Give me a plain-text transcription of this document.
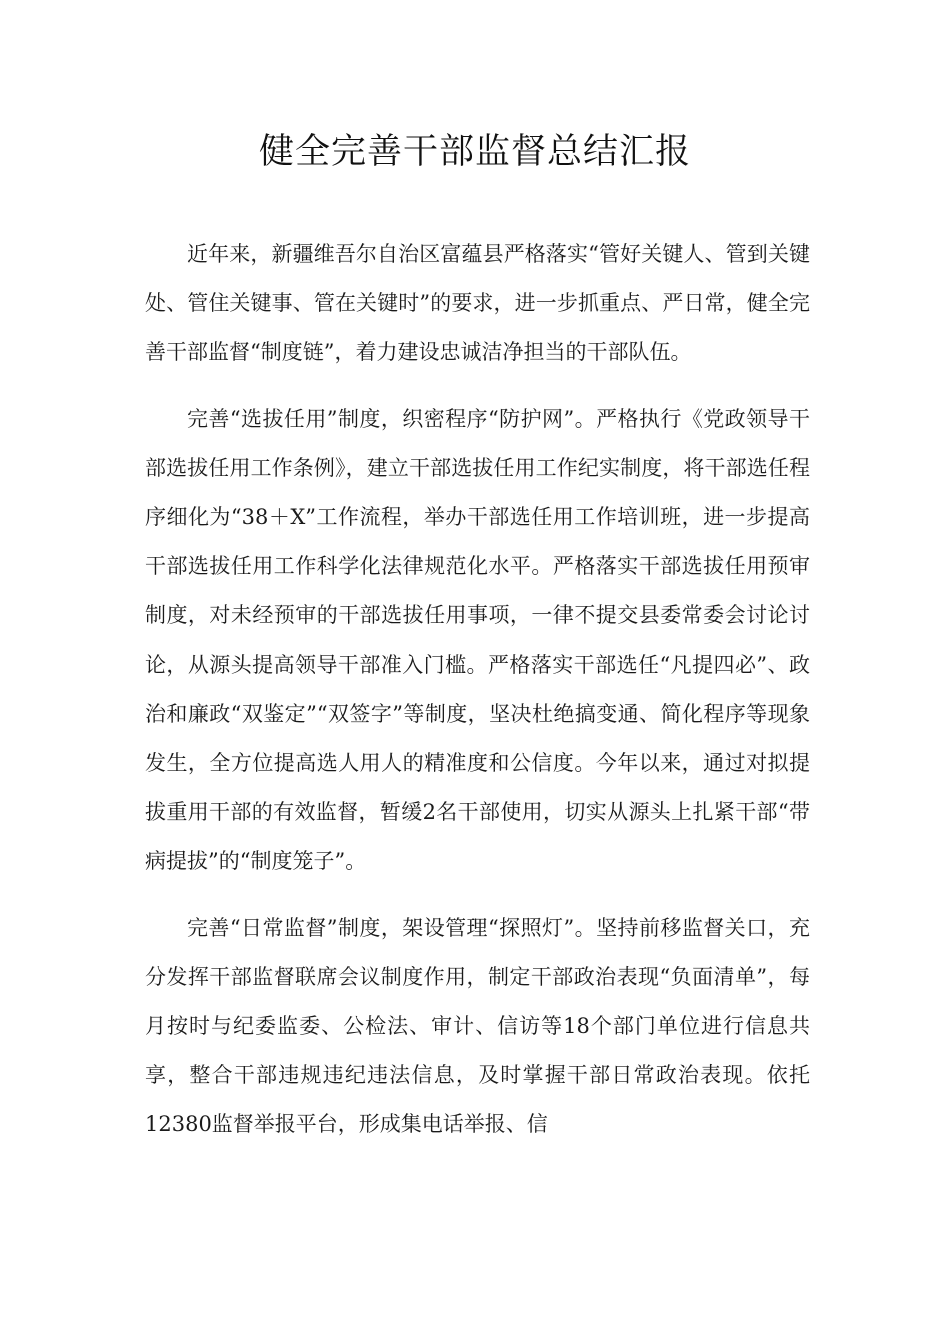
健全完善干部监督总结汇报

近年来，新疆维吾尔自治区富蕴县严格落实“管好关键人、管到关键处、管住关键事、管在关键时”的要求，进一步抓重点、严日常，健全完善干部监督“制度链”，着力建设忠诚洁净担当的干部队伍。

完善“选拔任用”制度，织密程序“防护网”。严格执行《党政领导干部选拔任用工作条例》，建立干部选拔任用工作纪实制度，将干部选任程序细化为“38＋X”工作流程，举办干部选任用工作培训班，进一步提高干部选拔任用工作科学化法律规范化水平。严格落实干部选拔任用预审制度，对未经预审的干部选拔任用事项，一律不提交县委常委会讨论讨论，从源头提高领导干部准入门槛。严格落实干部选任“凡提四必”、政治和廉政“双鉴定”“双签字”等制度，坚决杜绝搞变通、简化程序等现象发生，全方位提高选人用人的精准度和公信度。今年以来，通过对拟提拔重用干部的有效监督，暂缓2名干部使用，切实从源头上扎紧干部“带病提拔”的“制度笼子”。

完善“日常监督”制度，架设管理“探照灯”。坚持前移监督关口，充分发挥干部监督联席会议制度作用，制定干部政治表现“负面清单”，每月按时与纪委监委、公检法、审计、信访等18个部门单位进行信息共享，整合干部违规违纪违法信息，及时掌握干部日常政治表现。依托12380监督举报平台，形成集电话举报、信
